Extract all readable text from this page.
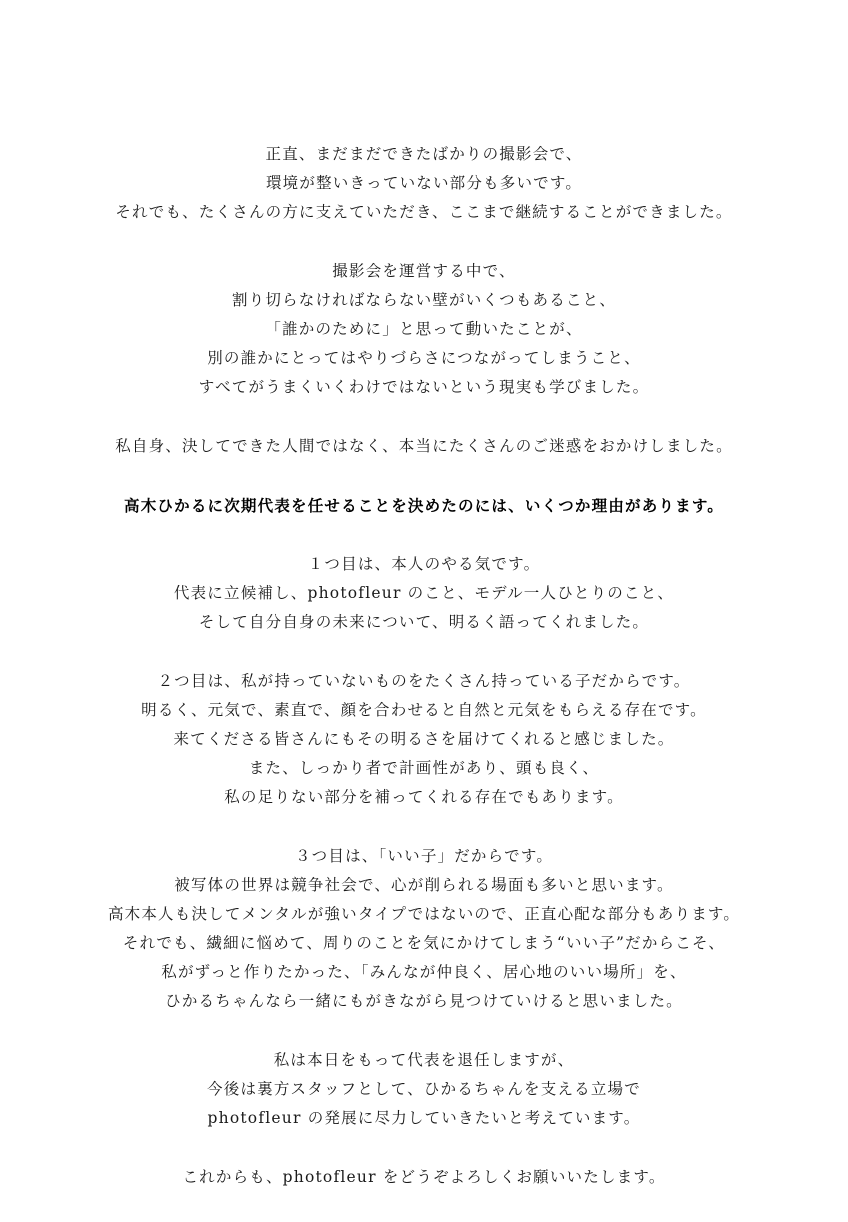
正直、まだまだできたばかりの撮影会で、
環境が整いきっていない部分も多いです。
それでも、たくさんの方に支えていただき、ここまで継続することができました。
撮影会を運営する中で、
割り切らなければならない壁がいくつもあること、
「誰かのために」と思って動いたことが、
別の誰かにとってはやりづらさにつながってしまうこと、
すべてがうまくいくわけではないという現実も学びました。
私自身、決してできた人間ではなく、本当にたくさんのご迷惑をおかけしました。
高木ひかるに次期代表を任せることを決めたのには、いくつか理由があります。
１つ目は、本人のやる気です。
代表に立候補し、photofleur のこと、モデル一人ひとりのこと、
そして自分自身の未来について、明るく語ってくれました。
２つ目は、私が持っていないものをたくさん持っている子だからです。
明るく、元気で、素直で、顔を合わせると自然と元気をもらえる存在です。
来てくださる皆さんにもその明るさを届けてくれると感じました。
また、しっかり者で計画性があり、頭も良く、
私の足りない部分を補ってくれる存在でもあります。
３つ目は、「いい子」だからです。
被写体の世界は競争社会で、心が削られる場面も多いと思います。
高木本人も決してメンタルが強いタイプではないので、正直心配な部分もあります。
それでも、繊細に悩めて、周りのことを気にかけてしまう“いい子”だからこそ、
私がずっと作りたかった、「みんなが仲良く、居心地のいい場所」を、
ひかるちゃんなら一緒にもがきながら見つけていけると思いました。
私は本日をもって代表を退任しますが、
今後は裏方スタッフとして、ひかるちゃんを支える立場で
photofleur の発展に尽力していきたいと考えています。
これからも、photofleur をどうぞよろしくお願いいたします。
